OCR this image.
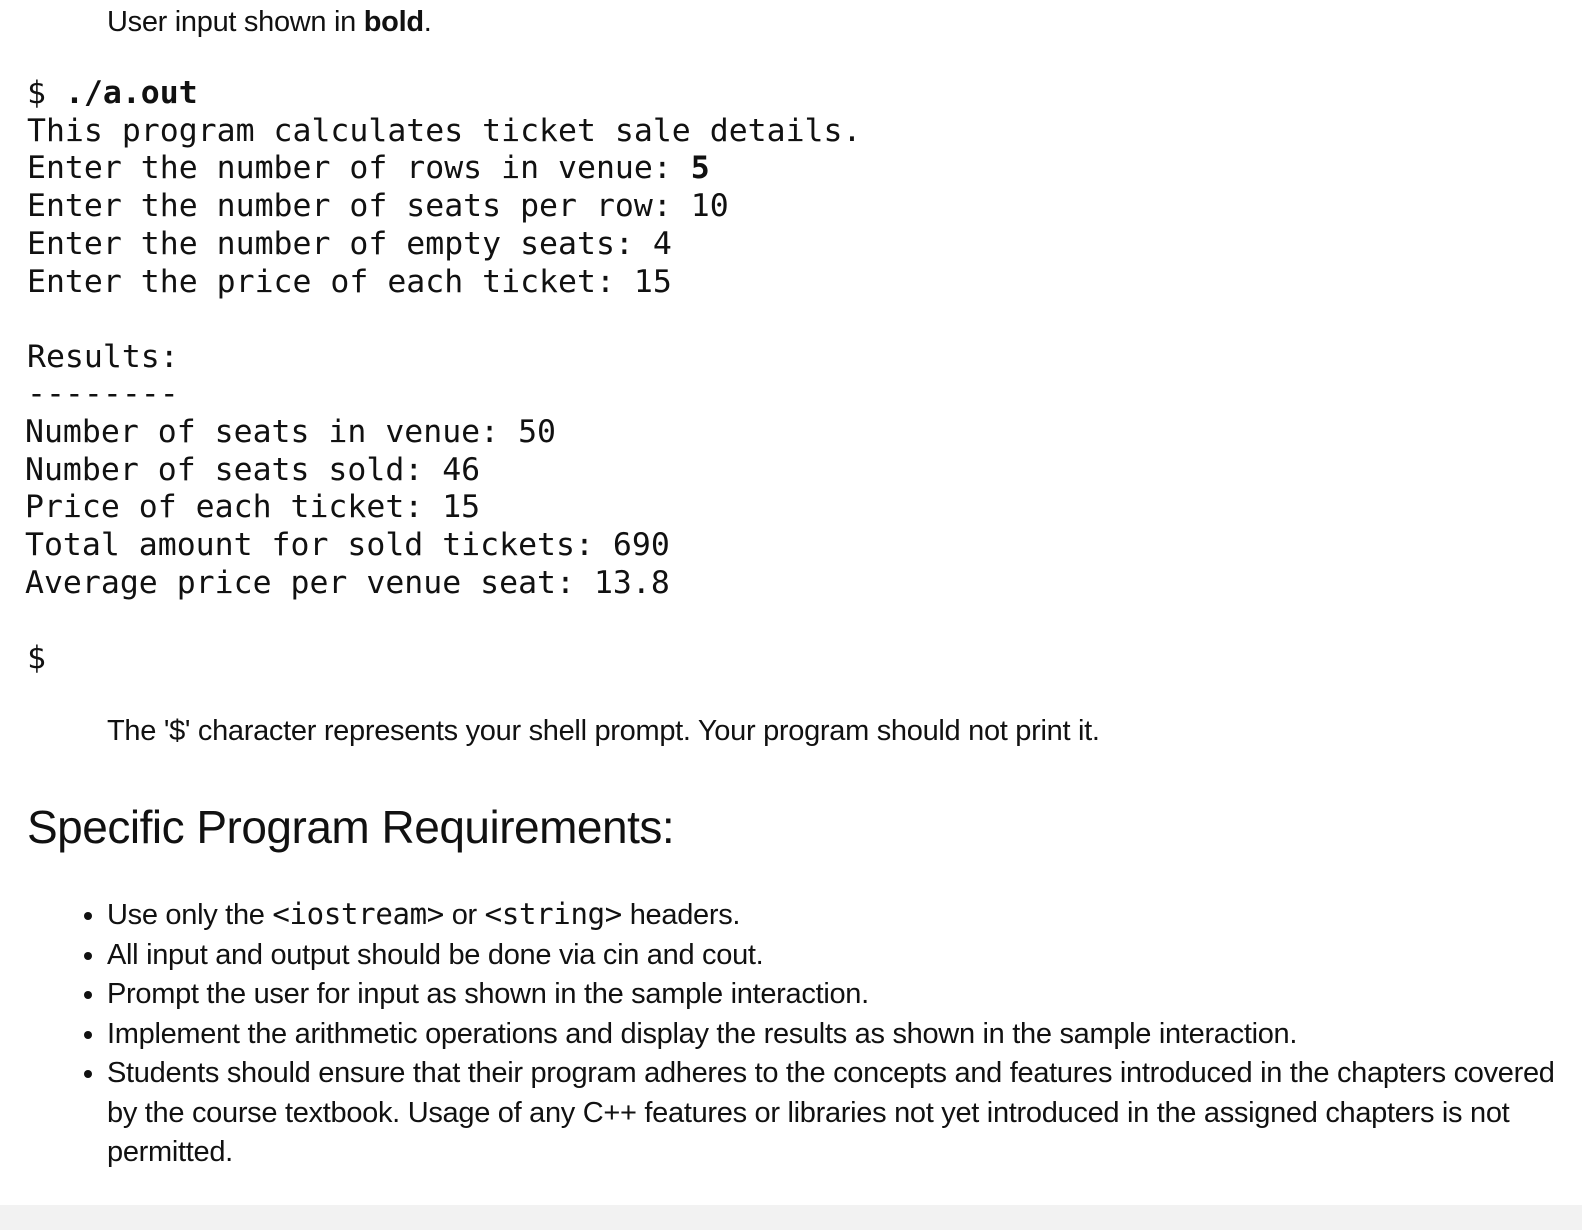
User input shown in bold.
$ ./a.out
This program calculates ticket sale details.
Enter the number of rows in venue: 5
Enter the number of seats per row: 10
Enter the number of empty seats: 4
Enter the price of each ticket: 15

Results:
--------
Number of seats in venue: 50
Number of seats sold: 46
Price of each ticket: 15
Total amount for sold tickets: 690
Average price per venue seat: 13.8
$
The '$' character represents your shell prompt. Your program should not print it.
Specific Program Requirements:
• Use only the <iostream> or <string> headers.
• All input and output should be done via cin and cout.
• Prompt the user for input as shown in the sample interaction.
• Implement the arithmetic operations and display the results as shown in the sample interaction.
• Students should ensure that their program adheres to the concepts and features introduced in the chapters covered by the course textbook. Usage of any C++ features or libraries not yet introduced in the assigned chapters is not permitted.
